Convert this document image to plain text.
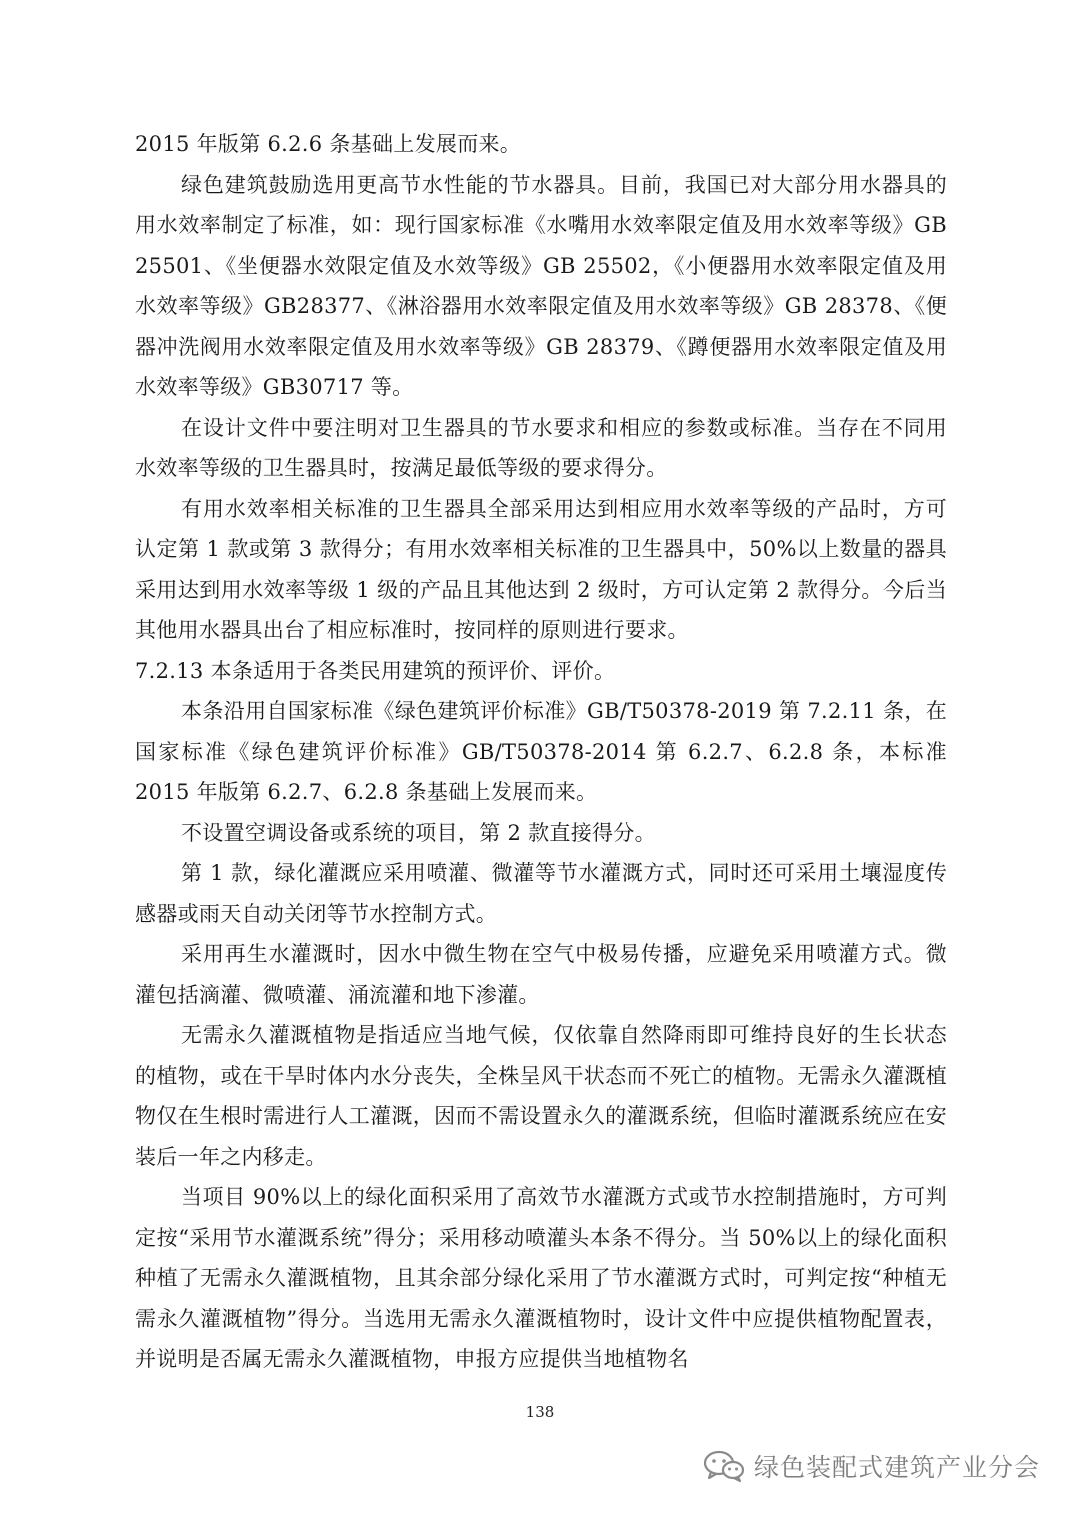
2015 年版第 6.2.6 条基础上发展而来。

绿色建筑鼓励选用更高节水性能的节水器具。目前，我国已对大部分用水器具的用水效率制定了标准，如：现行国家标准《水嘴用水效率限定值及用水效率等级》GB 25501、《坐便器水效限定值及水效等级》GB 25502，《小便器用水效率限定值及用水效率等级》GB28377、《淋浴器用水效率限定值及用水效率等级》GB 28378、《便器冲洗阀用水效率限定值及用水效率等级》GB 28379、《蹲便器用水效率限定值及用水效率等级》GB30717 等。

在设计文件中要注明对卫生器具的节水要求和相应的参数或标准。当存在不同用水效率等级的卫生器具时，按满足最低等级的要求得分。

有用水效率相关标准的卫生器具全部采用达到相应用水效率等级的产品时，方可认定第 1 款或第 3 款得分；有用水效率相关标准的卫生器具中，50%以上数量的器具采用达到用水效率等级 1 级的产品且其他达到 2 级时，方可认定第 2 款得分。今后当其他用水器具出台了相应标准时，按同样的原则进行要求。

7.2.13 本条适用于各类民用建筑的预评价、评价。

本条沿用自国家标准《绿色建筑评价标准》GB/T50378-2019 第 7.2.11 条，在国家标准《绿色建筑评价标准》GB/T50378-2014 第 6.2.7、6.2.8 条，本标准 2015 年版第 6.2.7、6.2.8 条基础上发展而来。

不设置空调设备或系统的项目，第 2 款直接得分。

第 1 款，绿化灌溉应采用喷灌、微灌等节水灌溉方式，同时还可采用土壤湿度传感器或雨天自动关闭等节水控制方式。

采用再生水灌溉时，因水中微生物在空气中极易传播，应避免采用喷灌方式。微灌包括滴灌、微喷灌、涌流灌和地下渗灌。

无需永久灌溉植物是指适应当地气候，仅依靠自然降雨即可维持良好的生长状态的植物，或在干旱时体内水分丧失，全株呈风干状态而不死亡的植物。无需永久灌溉植物仅在生根时需进行人工灌溉，因而不需设置永久的灌溉系统，但临时灌溉系统应在安装后一年之内移走。

当项目 90%以上的绿化面积采用了高效节水灌溉方式或节水控制措施时，方可判定按“采用节水灌溉系统”得分；采用移动喷灌头本条不得分。当 50%以上的绿化面积种植了无需永久灌溉植物，且其余部分绿化采用了节水灌溉方式时，可判定按“种植无需永久灌溉植物”得分。当选用无需永久灌溉植物时，设计文件中应提供植物配置表，并说明是否属无需永久灌溉植物，申报方应提供当地植物名

138
绿色装配式建筑产业分会
